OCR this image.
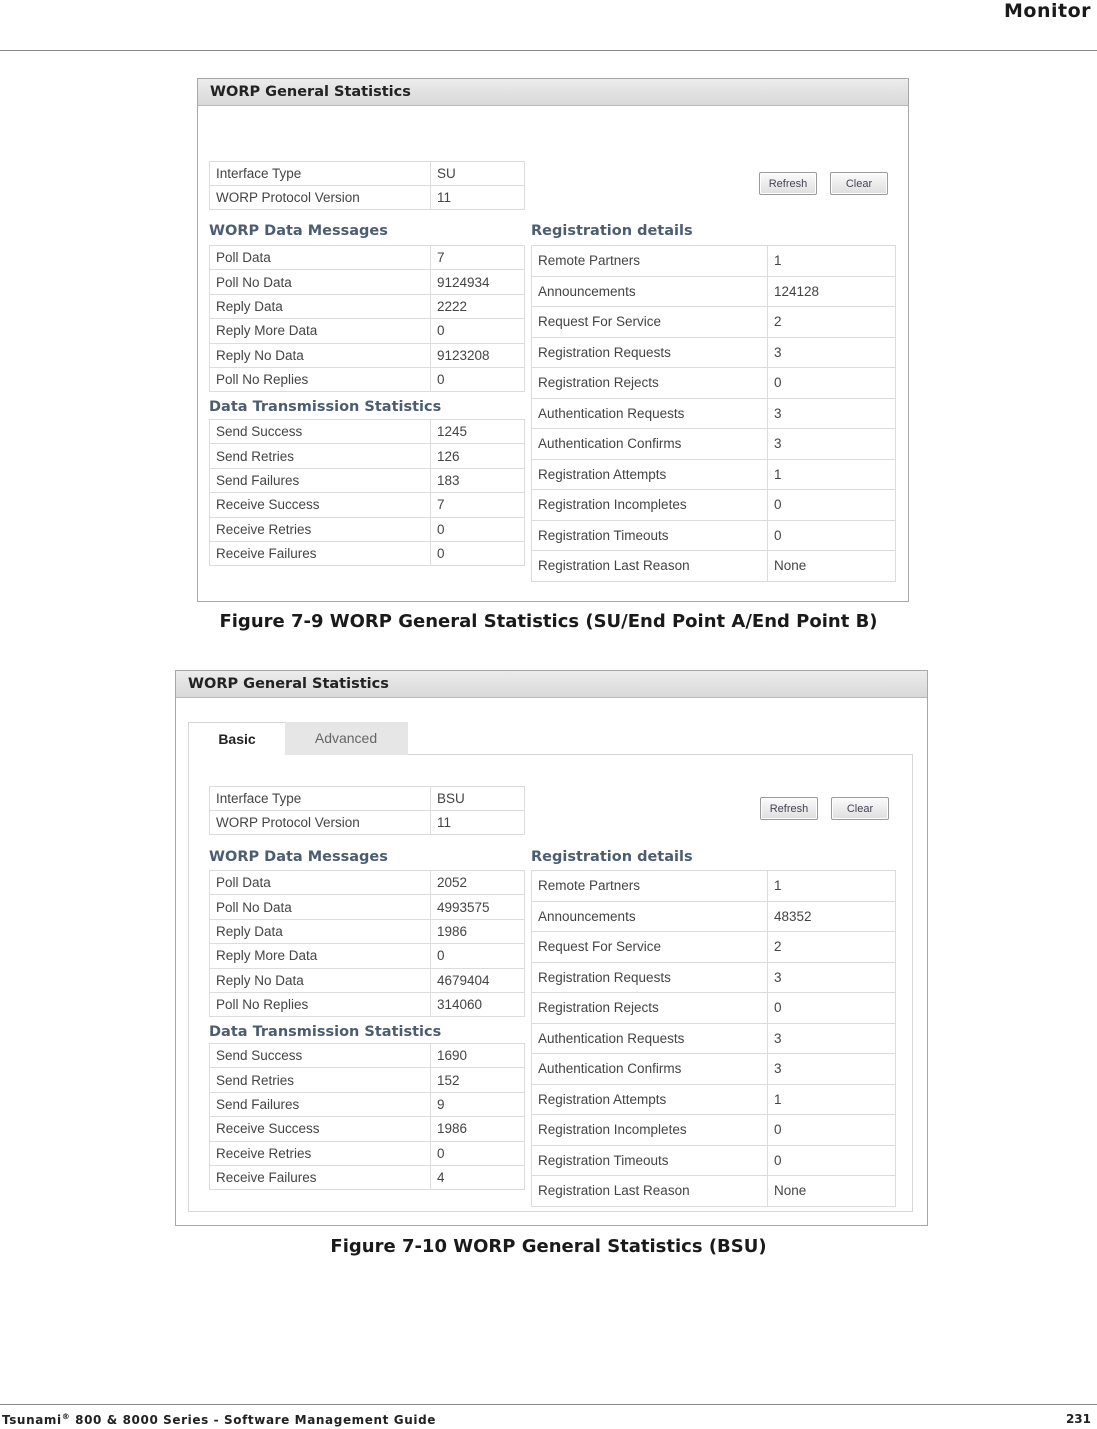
Monitor
WORP General Statistics
Refresh	Clear
Interface Type	SU
WORP Protocol Version	11
WORP Data Messages
Poll Data	7
Poll No Data	9124934
Reply Data	2222
Reply More Data	0
Reply No Data	9123208
Poll No Replies	0
Data Transmission Statistics
Send Success	1245
Send Retries	126
Send Failures	183
Receive Success	7
Receive Retries	0
Receive Failures	0
Registration details
Remote Partners	1
Announcements	124128
Request For Service	2
Registration Requests	3
Registration Rejects	0
Authentication Requests	3
Authentication Confirms	3
Registration Attempts	1
Registration Incompletes	0
Registration Timeouts	0
Registration Last Reason	None
Figure 7-9 WORP General Statistics (SU/End Point A/End Point B)
WORP General Statistics
Advanced
Basic
Refresh	Clear
Interface Type	BSU
WORP Protocol Version	11
WORP Data Messages
Poll Data	2052
Poll No Data	4993575
Reply Data	1986
Reply More Data	0
Reply No Data	4679404
Poll No Replies	314060
Data Transmission Statistics
Send Success	1690
Send Retries	152
Send Failures	9
Receive Success	1986
Receive Retries	0
Receive Failures	4
Registration details
Remote Partners	1
Announcements	48352
Request For Service	2
Registration Requests	3
Registration Rejects	0
Authentication Requests	3
Authentication Confirms	3
Registration Attempts	1
Registration Incompletes	0
Registration Timeouts	0
Registration Last Reason	None
Figure 7-10 WORP General Statistics (BSU)
Tsunami® 800 & 8000 Series - Software Management Guide	231
